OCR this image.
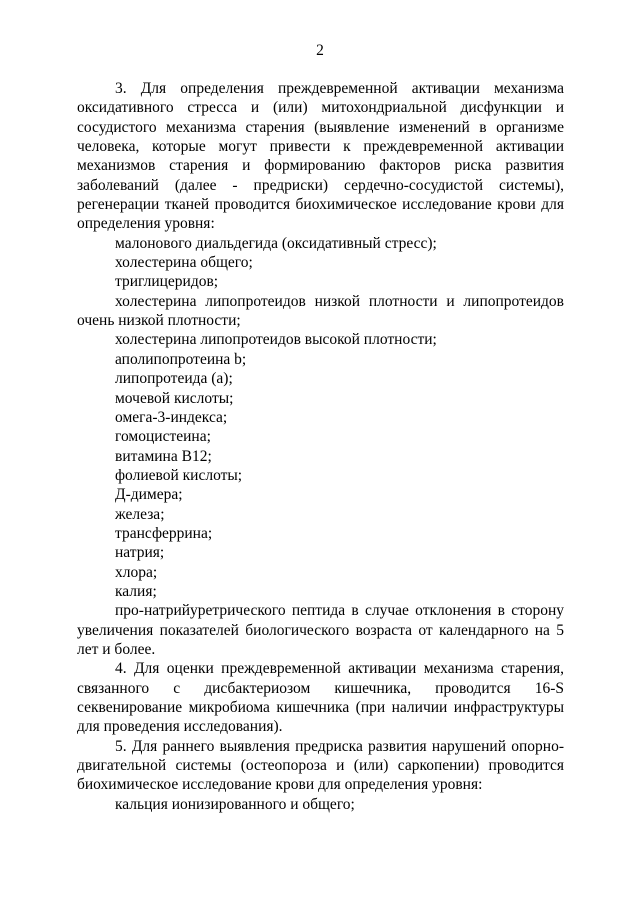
2

3. Для определения преждевременной активации механизма оксидативного стресса и (или) митохондриальной дисфункции и сосудистого механизма старения (выявление изменений в организме человека, которые могут привести к преждевременной активации механизмов старения и формированию факторов риска развития заболеваний (далее - предриски) сердечно-сосудистой системы), регенерации тканей проводится биохимическое исследование крови для определения уровня:

малонового диальдегида (оксидативный стресс);

холестерина общего;

триглицеридов;

холестерина липопротеидов низкой плотности и липопротеидов очень низкой плотности;

холестерина липопротеидов высокой плотности;

аполипопротеина b;

липопротеида (а);

мочевой кислоты;

омега-3-индекса;

гомоцистеина;

витамина В12;

фолиевой кислоты;

Д-димера;

железа;

трансферрина;

натрия;

хлора;

калия;

про-натрийуретрического пептида в случае отклонения в сторону увеличения показателей биологического возраста от календарного на 5 лет и более.

4. Для оценки преждевременной активации механизма старения, связанного с дисбактериозом кишечника, проводится 16-S секвенирование микробиома кишечника (при наличии инфраструктуры для проведения исследования).

5. Для раннего выявления предриска развития нарушений опорно-двигательной системы (остеопороза и (или) саркопении) проводится биохимическое исследование крови для определения уровня:

кальция ионизированного и общего;
